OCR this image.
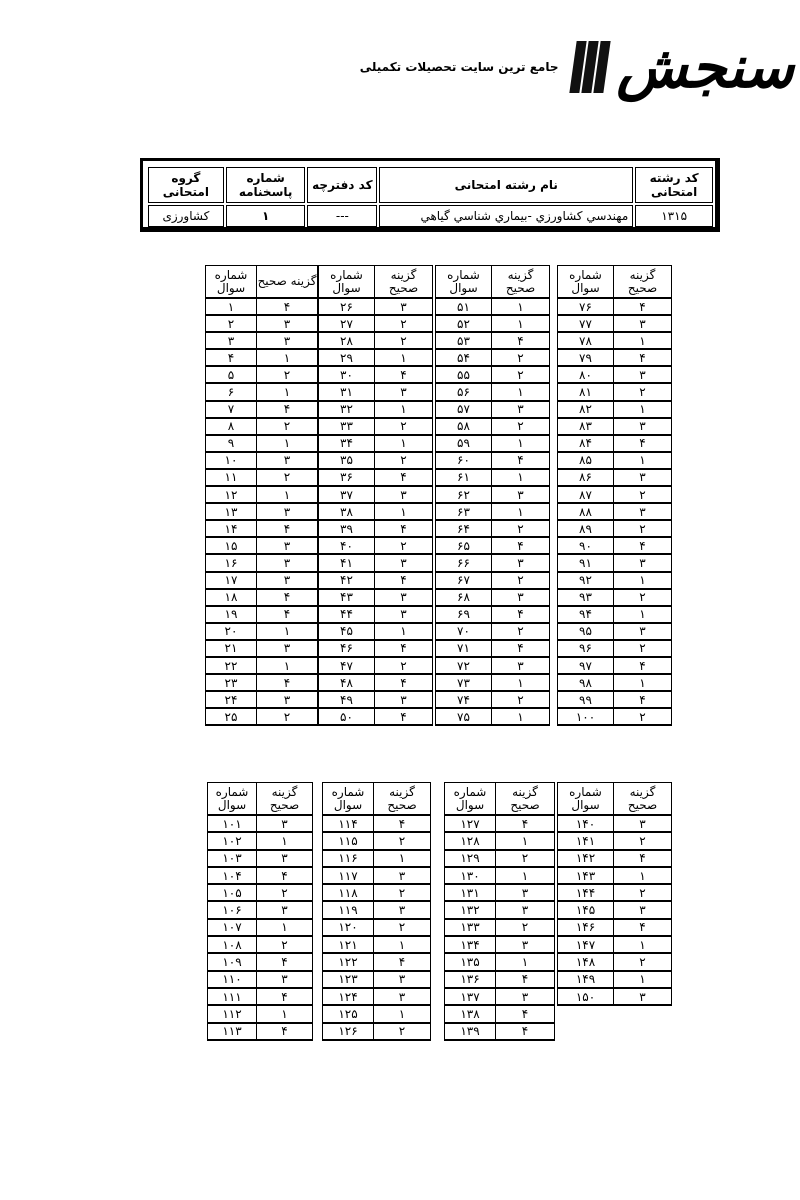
جامع ترین سایت تحصیلات تکمیلی سنجش
گروه امتحانی	شماره پاسخنامه	کد دفترچه	نام رشته امتحانی	کد رشته امتحانی
کشاورزی	۱	---	مهندسي كشاورزي -بيماري شناسي گياهي	۱۳۱۵
شماره سوال	گزینه صحیح
۱	۴
۲	۳
۳	۳
۴	۱
۵	۲
۶	۱
۷	۴
۸	۲
۹	۱
۱۰	۳
۱۱	۲
۱۲	۱
۱۳	۳
۱۴	۴
۱۵	۳
۱۶	۳
۱۷	۳
۱۸	۴
۱۹	۴
۲۰	۱
۲۱	۳
۲۲	۱
۲۳	۴
۲۴	۳
۲۵	۲
شماره سوال	گزینه صحیح
۲۶	۳
۲۷	۲
۲۸	۲
۲۹	۱
۳۰	۴
۳۱	۳
۳۲	۱
۳۳	۲
۳۴	۱
۳۵	۲
۳۶	۴
۳۷	۳
۳۸	۱
۳۹	۴
۴۰	۲
۴۱	۳
۴۲	۴
۴۳	۳
۴۴	۳
۴۵	۱
۴۶	۴
۴۷	۲
۴۸	۴
۴۹	۳
۵۰	۴
شماره سوال	گزینه صحیح
۵۱	۱
۵۲	۱
۵۳	۴
۵۴	۲
۵۵	۲
۵۶	۱
۵۷	۳
۵۸	۲
۵۹	۱
۶۰	۴
۶۱	۱
۶۲	۳
۶۳	۱
۶۴	۲
۶۵	۴
۶۶	۳
۶۷	۲
۶۸	۳
۶۹	۴
۷۰	۲
۷۱	۴
۷۲	۳
۷۳	۱
۷۴	۲
۷۵	۱
شماره سوال	گزینه صحیح
۷۶	۴
۷۷	۳
۷۸	۱
۷۹	۴
۸۰	۳
۸۱	۲
۸۲	۱
۸۳	۳
۸۴	۴
۸۵	۱
۸۶	۳
۸۷	۲
۸۸	۳
۸۹	۲
۹۰	۴
۹۱	۳
۹۲	۱
۹۳	۲
۹۴	۱
۹۵	۳
۹۶	۲
۹۷	۴
۹۸	۱
۹۹	۴
۱۰۰	۲
شماره سوال	گزینه صحیح
۱۰۱	۳
۱۰۲	۱
۱۰۳	۳
۱۰۴	۴
۱۰۵	۲
۱۰۶	۳
۱۰۷	۱
۱۰۸	۲
۱۰۹	۴
۱۱۰	۳
۱۱۱	۴
۱۱۲	۱
۱۱۳	۴
شماره سوال	گزینه صحیح
۱۱۴	۴
۱۱۵	۲
۱۱۶	۱
۱۱۷	۳
۱۱۸	۲
۱۱۹	۳
۱۲۰	۲
۱۲۱	۱
۱۲۲	۴
۱۲۳	۳
۱۲۴	۳
۱۲۵	۱
۱۲۶	۲
شماره سوال	گزینه صحیح
۱۲۷	۴
۱۲۸	۱
۱۲۹	۲
۱۳۰	۱
۱۳۱	۳
۱۳۲	۳
۱۳۳	۲
۱۳۴	۳
۱۳۵	۱
۱۳۶	۴
۱۳۷	۳
۱۳۸	۴
۱۳۹	۴
شماره سوال	گزینه صحیح
۱۴۰	۳
۱۴۱	۲
۱۴۲	۴
۱۴۳	۱
۱۴۴	۲
۱۴۵	۳
۱۴۶	۴
۱۴۷	۱
۱۴۸	۲
۱۴۹	۱
۱۵۰	۳
